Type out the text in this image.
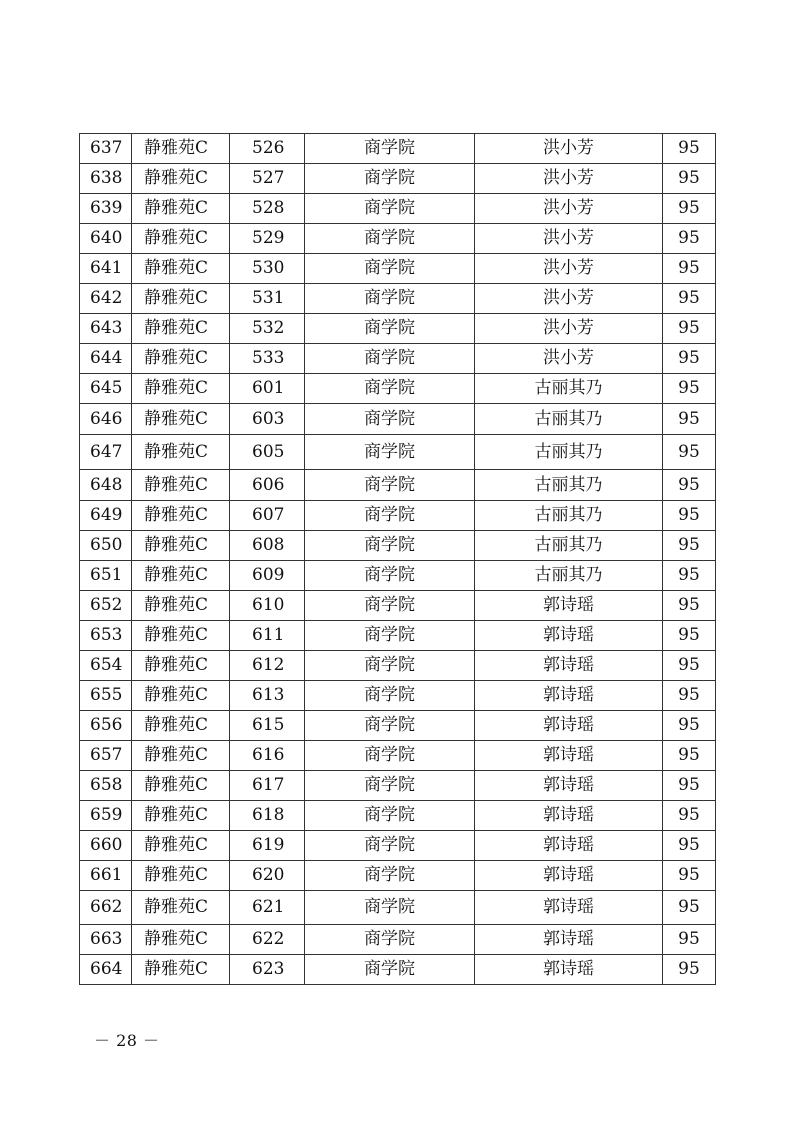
637	静雅苑C	526	商学院	洪小芳	95
638	静雅苑C	527	商学院	洪小芳	95
639	静雅苑C	528	商学院	洪小芳	95
640	静雅苑C	529	商学院	洪小芳	95
641	静雅苑C	530	商学院	洪小芳	95
642	静雅苑C	531	商学院	洪小芳	95
643	静雅苑C	532	商学院	洪小芳	95
644	静雅苑C	533	商学院	洪小芳	95
645	静雅苑C	601	商学院	古丽其乃	95
646	静雅苑C	603	商学院	古丽其乃	95
647	静雅苑C	605	商学院	古丽其乃	95
648	静雅苑C	606	商学院	古丽其乃	95
649	静雅苑C	607	商学院	古丽其乃	95
650	静雅苑C	608	商学院	古丽其乃	95
651	静雅苑C	609	商学院	古丽其乃	95
652	静雅苑C	610	商学院	郭诗瑶	95
653	静雅苑C	611	商学院	郭诗瑶	95
654	静雅苑C	612	商学院	郭诗瑶	95
655	静雅苑C	613	商学院	郭诗瑶	95
656	静雅苑C	615	商学院	郭诗瑶	95
657	静雅苑C	616	商学院	郭诗瑶	95
658	静雅苑C	617	商学院	郭诗瑶	95
659	静雅苑C	618	商学院	郭诗瑶	95
660	静雅苑C	619	商学院	郭诗瑶	95
661	静雅苑C	620	商学院	郭诗瑶	95
662	静雅苑C	621	商学院	郭诗瑶	95
663	静雅苑C	622	商学院	郭诗瑶	95
664	静雅苑C	623	商学院	郭诗瑶	95
－ 28 －
